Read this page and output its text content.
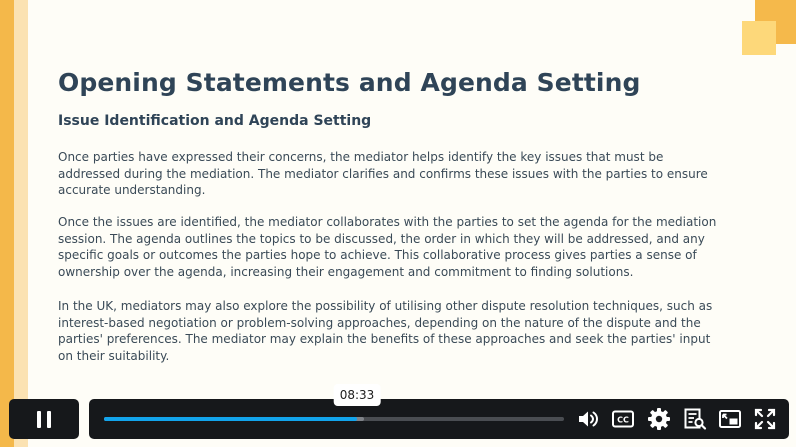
Opening Statements and Agenda Setting
Issue Identification and Agenda Setting

Once parties have expressed their concerns, the mediator helps identify the key issues that must be addressed during the mediation. The mediator clarifies and confirms these issues with the parties to ensure accurate understanding.

Once the issues are identified, the mediator collaborates with the parties to set the agenda for the mediation session. The agenda outlines the topics to be discussed, the order in which they will be addressed, and any specific goals or outcomes the parties hope to achieve. This collaborative process gives parties a sense of ownership over the agenda, increasing their engagement and commitment to finding solutions.

In the UK, mediators may also explore the possibility of utilising other dispute resolution techniques, such as interest-based negotiation or problem-solving approaches, depending on the nature of the dispute and the parties' preferences. The mediator may explain the benefits of these approaches and seek the parties' input on their suitability.

CC
08:33
